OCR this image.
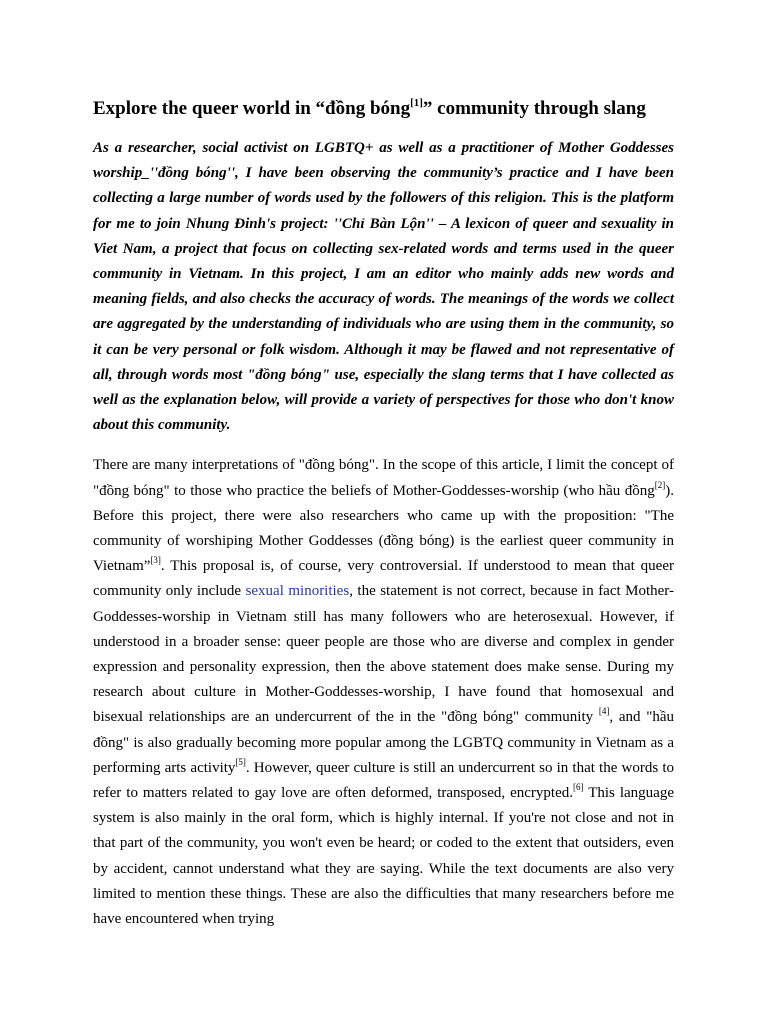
Explore the queer world in “đồng bóng[1]” community through slang

As a researcher, social activist on LGBTQ+ as well as a practitioner of Mother Goddesses worship_''đồng bóng'', I have been observing the community’s practice and I have been collecting a large number of words used by the followers of this religion. This is the platform for me to join Nhung Đinh's project: ''Chỉ Bàn Lộn'' – A lexicon of queer and sexuality in Viet Nam, a project that focus on collecting sex-related words and terms used in the queer community in Vietnam. In this project, I am an editor who mainly adds new words and meaning fields, and also checks the accuracy of words. The meanings of the words we collect are aggregated by the understanding of individuals who are using them in the community, so it can be very personal or folk wisdom. Although it may be flawed and not representative of all, through words most "đồng bóng" use, especially the slang terms that I have collected as well as the explanation below, will provide a variety of perspectives for those who don't know about this community.

There are many interpretations of "đồng bóng". In the scope of this article, I limit the concept of "đồng bóng" to those who practice the beliefs of Mother-Goddesses-worship (who hầu đồng[2]). Before this project, there were also researchers who came up with the proposition: "The community of worshiping Mother Goddesses (đồng bóng) is the earliest queer community in Vietnam”[3]. This proposal is, of course, very controversial. If understood to mean that queer community only include sexual minorities, the statement is not correct, because in fact Mother-Goddesses-worship in Vietnam still has many followers who are heterosexual. However, if understood in a broader sense: queer people are those who are diverse and complex in gender expression and personality expression, then the above statement does make sense. During my research about culture in Mother-Goddesses-worship, I have found that homosexual and bisexual relationships are an undercurrent of the in the "đồng bóng" community [4], and "hầu đồng" is also gradually becoming more popular among the LGBTQ community in Vietnam as a performing arts activity[5]. However, queer culture is still an undercurrent so in that the words to refer to matters related to gay love are often deformed, transposed, encrypted.[6] This language system is also mainly in the oral form, which is highly internal. If you're not close and not in that part of the community, you won't even be heard; or coded to the extent that outsiders, even by accident, cannot understand what they are saying. While the text documents are also very limited to mention these things. These are also the difficulties that many researchers before me have encountered when trying
